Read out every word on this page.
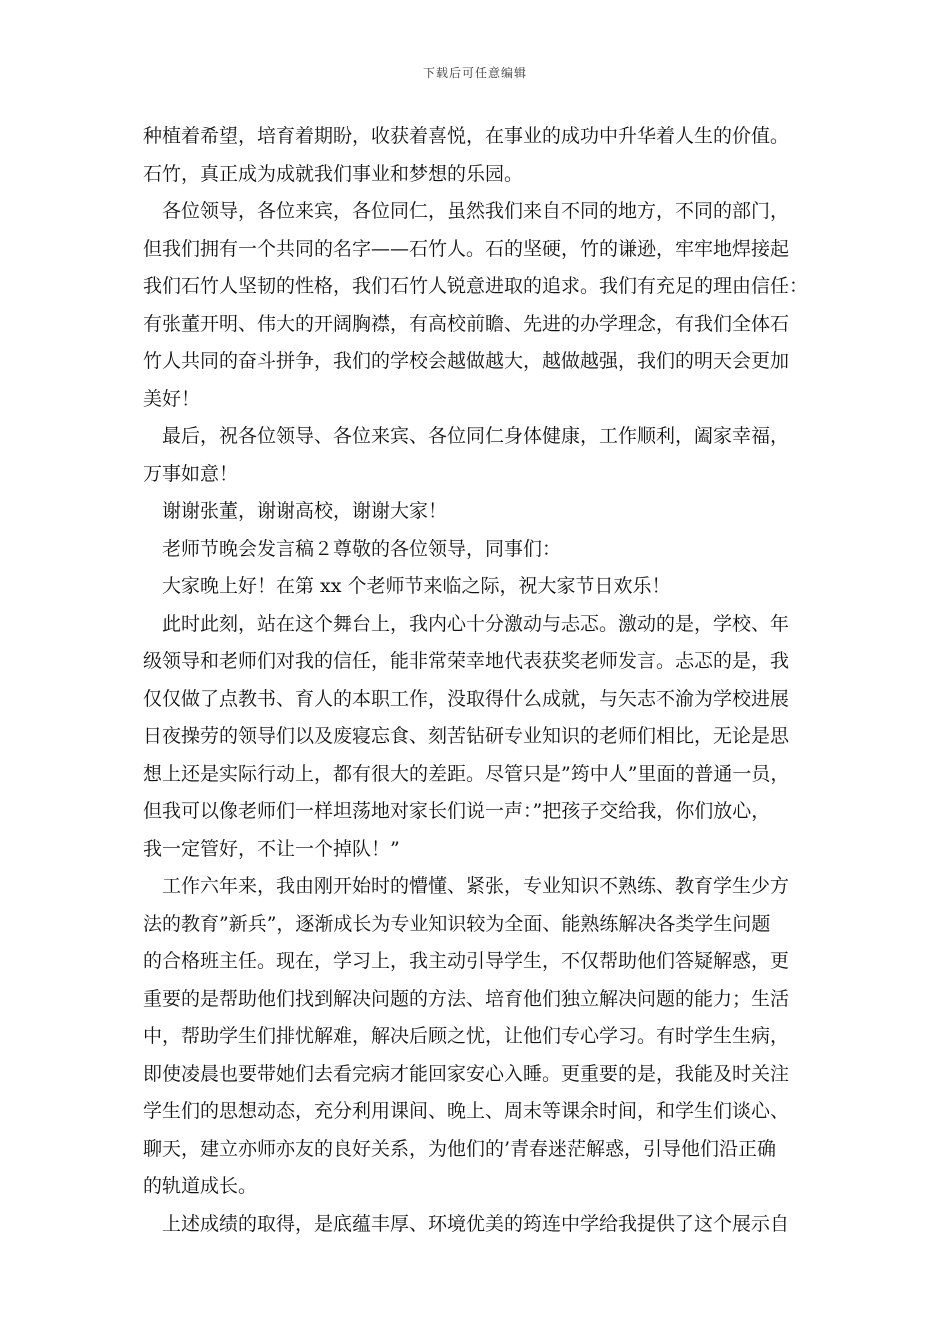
下载后可任意编辑
种植着希望，培育着期盼，收获着喜悦，在事业的成功中升华着人生的价值。
石竹，真正成为成就我们事业和梦想的乐园。
各位领导，各位来宾，各位同仁，虽然我们来自不同的地方，不同的部门，
但我们拥有一个共同的名字——石竹人。石的坚硬，竹的谦逊，牢牢地焊接起
我们石竹人坚韧的性格，我们石竹人锐意进取的追求。我们有充足的理由信任：
有张董开明、伟大的开阔胸襟，有高校前瞻、先进的办学理念，有我们全体石
竹人共同的奋斗拼争，我们的学校会越做越大，越做越强，我们的明天会更加
美好！
最后，祝各位领导、各位来宾、各位同仁身体健康，工作顺利，阖家幸福，
万事如意！
谢谢张董，谢谢高校，谢谢大家！
老师节晚会发言稿２尊敬的各位领导，同事们：
大家晚上好！在第 xx 个老师节来临之际，祝大家节日欢乐！
此时此刻，站在这个舞台上，我内心十分激动与忐忑。激动的是，学校、年
级领导和老师们对我的信任，能非常荣幸地代表获奖老师发言。忐忑的是，我
仅仅做了点教书、育人的本职工作，没取得什么成就，与矢志不渝为学校进展
日夜操劳的领导们以及废寝忘食、刻苦钻研专业知识的老师们相比，无论是思
想上还是实际行动上，都有很大的差距。尽管只是”筠中人”里面的普通一员，
但我可以像老师们一样坦荡地对家长们说一声：”把孩子交给我，你们放心，
我一定管好，不让一个掉队！”
工作六年来，我由刚开始时的懵懂、紧张，专业知识不熟练、教育学生少方
法的教育”新兵”，逐渐成长为专业知识较为全面、能熟练解决各类学生问题
的合格班主任。现在，学习上，我主动引导学生，不仅帮助他们答疑解惑，更
重要的是帮助他们找到解决问题的方法、培育他们独立解决问题的能力；生活
中，帮助学生们排忧解难，解决后顾之忧，让他们专心学习。有时学生生病，
即使凌晨也要带她们去看完病才能回家安心入睡。更重要的是，我能及时关注
学生们的思想动态，充分利用课间、晚上、周末等课余时间，和学生们谈心、
聊天，建立亦师亦友的良好关系，为他们的’青春迷茫解惑，引导他们沿正确
的轨道成长。
上述成绩的取得，是底蕴丰厚、环境优美的筠连中学给我提供了这个展示自
